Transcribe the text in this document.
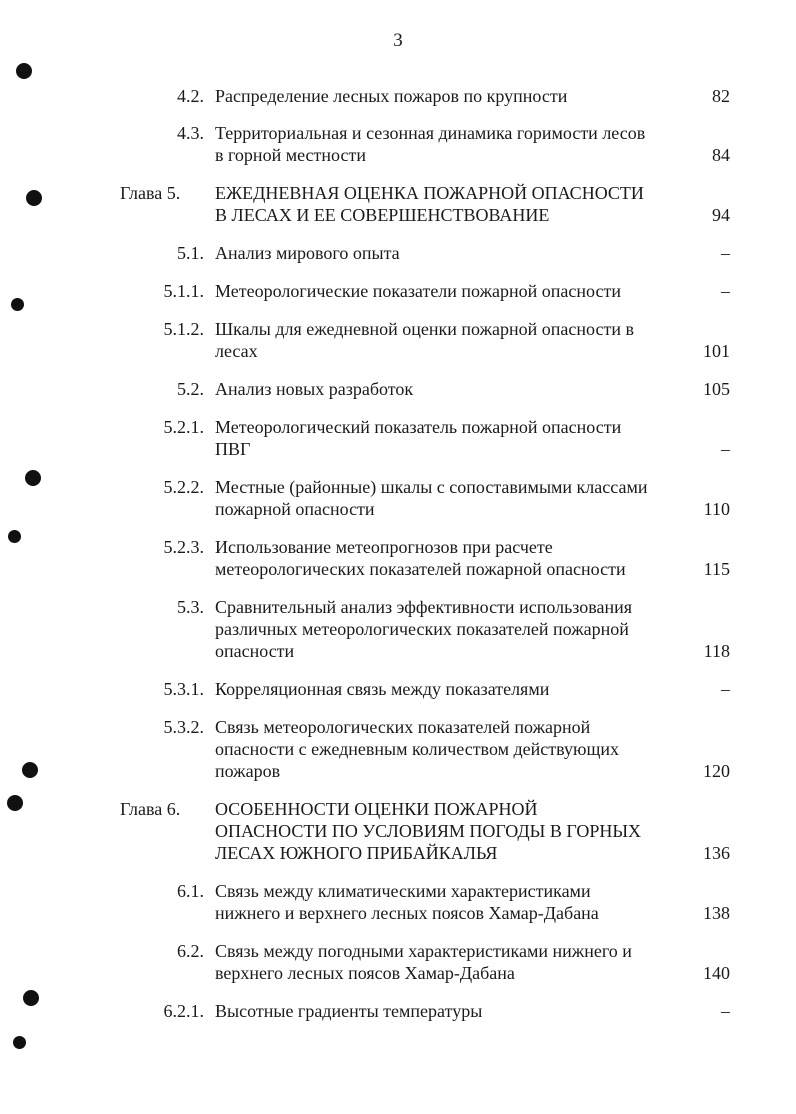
3
4.2. Распределение лесных пожаров по крупности	82
4.3. Территориальная и сезонная динамика горимости лесов
в горной местности	84
Глава 5. ЕЖЕДНЕВНАЯ ОЦЕНКА ПОЖАРНОЙ ОПАСНОСТИ
В ЛЕСАХ И ЕЕ СОВЕРШЕНСТВОВАНИЕ	94
5.1. Анализ мирового опыта	–
5.1.1. Метеорологические показатели пожарной опасности	–
5.1.2. Шкалы для ежедневной оценки пожарной опасности в
лесах	101
5.2. Анализ новых разработок	105
5.2.1. Метеорологический показатель пожарной опасности
ПВГ	–
5.2.2. Местные (районные) шкалы с сопоставимыми классами
пожарной опасности	110
5.2.3. Использование метеопрогнозов при расчете
метеорологических показателей пожарной опасности	115
5.3. Сравнительный анализ эффективности использования
различных метеорологических показателей пожарной
опасности	118
5.3.1. Корреляционная связь между показателями	–
5.3.2. Связь метеорологических показателей пожарной
опасности с ежедневным количеством действующих
пожаров	120
Глава 6. ОСОБЕННОСТИ ОЦЕНКИ ПОЖАРНОЙ
ОПАСНОСТИ ПО УСЛОВИЯМ ПОГОДЫ В ГОРНЫХ
ЛЕСАХ ЮЖНОГО ПРИБАЙКАЛЬЯ	136
6.1. Связь между климатическими характеристиками
нижнего и верхнего лесных поясов Хамар-Дабана	138
6.2. Связь между погодными характеристиками нижнего и
верхнего лесных поясов Хамар-Дабана	140
6.2.1. Высотные градиенты температуры	–
